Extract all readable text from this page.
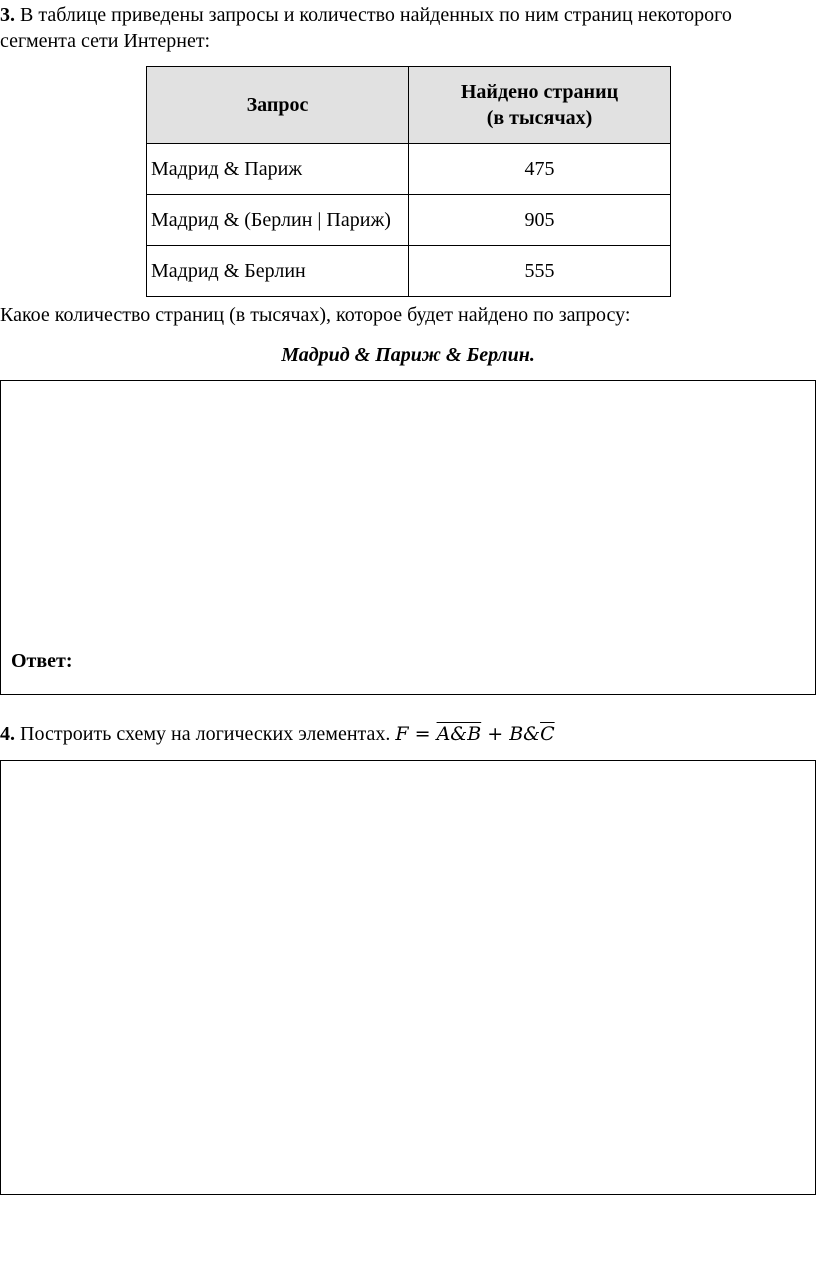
3. В таблице приведены запросы и количество найденных по ним страниц некоторого
сегмента сети Интернет:
Запрос	Найдено страниц
(в тысячах)
Мадрид & Париж	475
Мадрид & (Берлин | Париж)	905
Мадрид & Берлин	555
Какое количество страниц (в тысячах), которое будет найдено по запросу:
Мадрид & Париж & Берлин.
Ответ:
4. Построить схему на логических элементах. F = A&B + $B\&\overline{C}$
